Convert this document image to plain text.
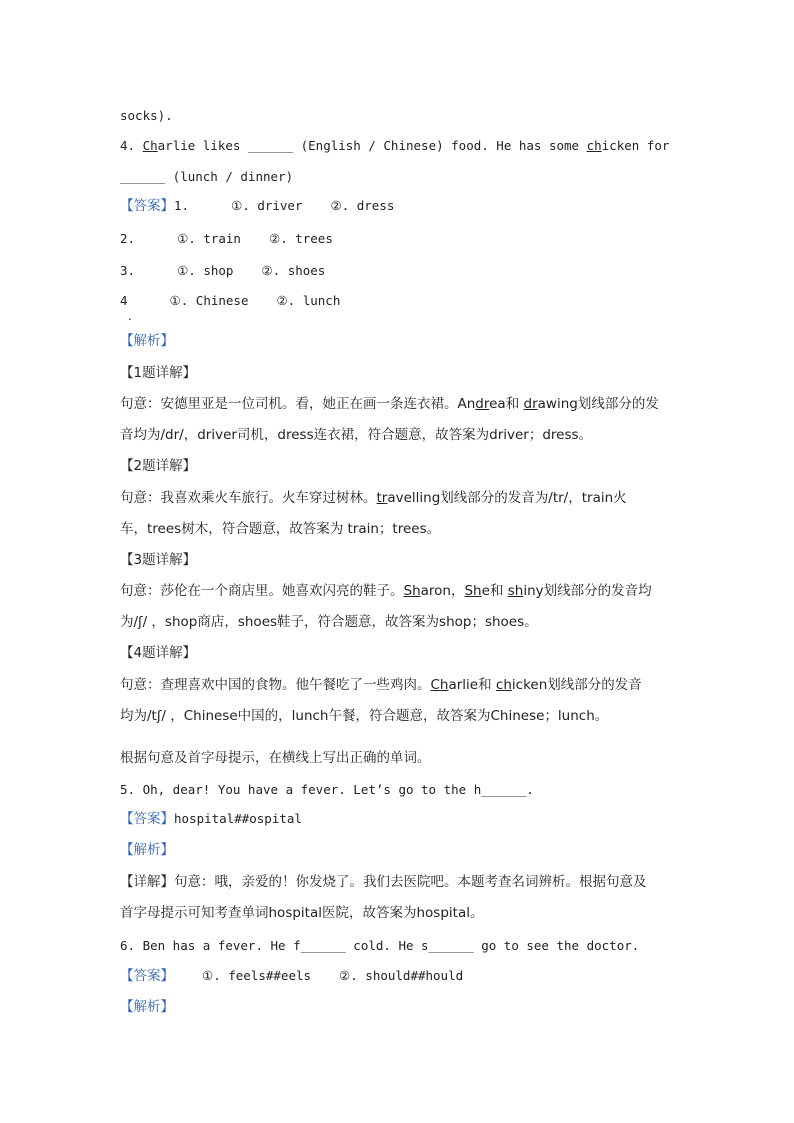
socks).
4. Charlie likes ______ (English / Chinese) food. He has some chicken for
______ (lunch / dinner)
【答案】1.	①. driver ②. dress
2.	①. train ②. trees
3.	①. shop ②. shoes
4	①. Chinese ②. lunch
.
【解析】
【1题详解】
句意：安德里亚是一位司机。看，她正在画一条连衣裙。Andrea和 drawing划线部分的发
音均为/dr/，driver司机，dress连衣裙，符合题意，故答案为driver；dress。
【2题详解】
句意：我喜欢乘火车旅行。火车穿过树林。travelling划线部分的发音为/tr/，train火
车，trees树木，符合题意，故答案为 train；trees。
【3题详解】
句意：莎伦在一个商店里。她喜欢闪亮的鞋子。Sharon，She和 shiny划线部分的发音均
为/ʃ/ ，shop商店，shoes鞋子，符合题意，故答案为shop；shoes。
【4题详解】
句意：查理喜欢中国的食物。他午餐吃了一些鸡肉。Charlie和 chicken划线部分的发音
均为/tʃ/ ，Chinese中国的，lunch午餐，符合题意，故答案为Chinese；lunch。
根据句意及首字母提示，在横线上写出正确的单词。
5. Oh, dear! You have a fever. Let’s go to the h______.
【答案】hospital##ospital
【解析】
【详解】句意：哦，亲爱的！你发烧了。我们去医院吧。本题考查名词辨析。根据句意及
首字母提示可知考查单词hospital医院，故答案为hospital。
6. Ben has a fever. He f______ cold. He s______ go to see the doctor.
【答案】 ①. feels##eels ②. should##hould
【解析】
